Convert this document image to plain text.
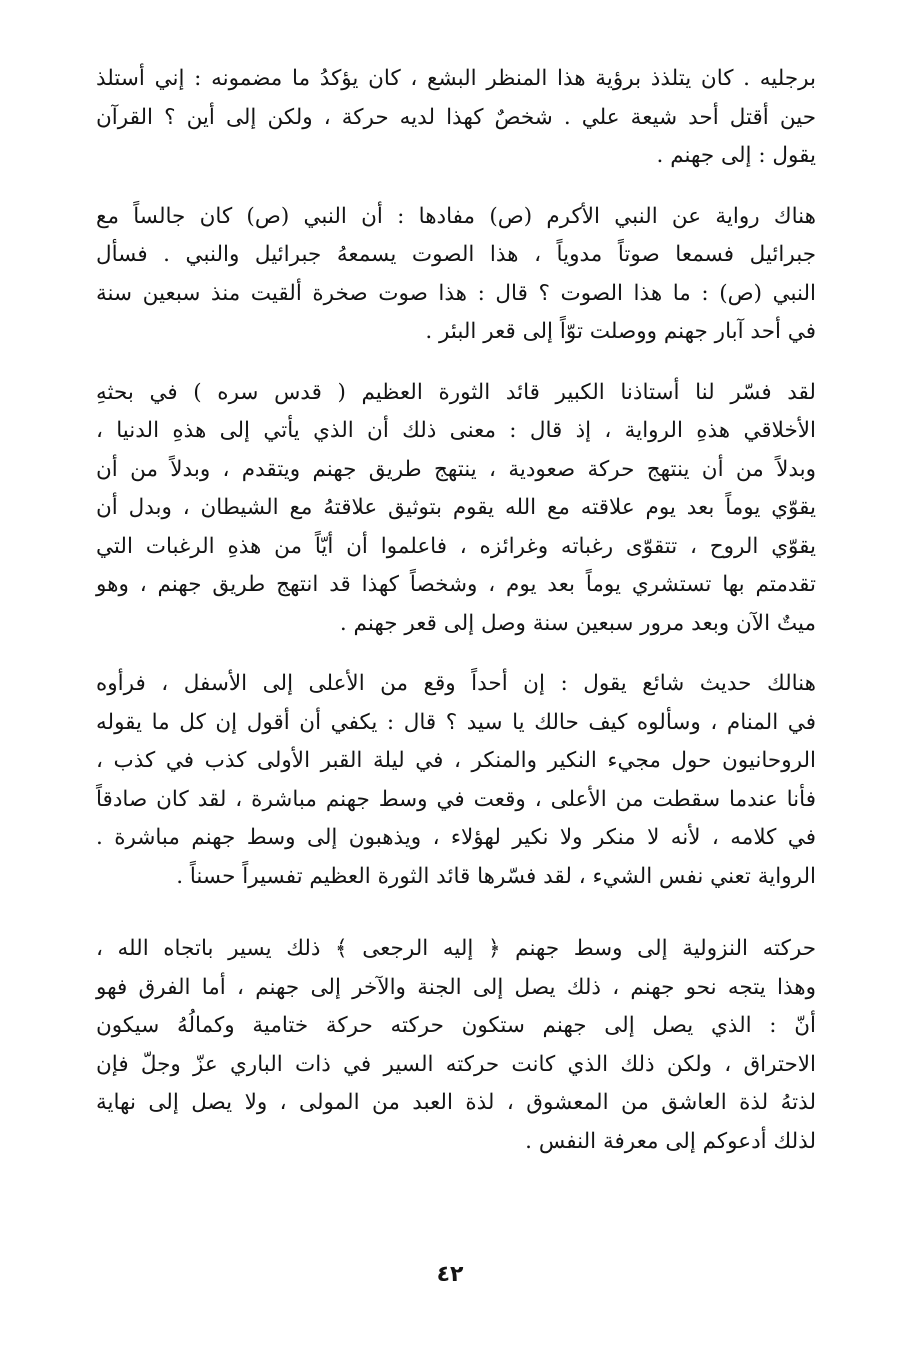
برجليه . كان يتلذذ برؤية هذا المنظر البشع ، كان يؤكدُ ما مضمونه : إني أستلذ
حين أقتل أحد شيعة علي . شخصٌ كهذا لديه حركة ، ولكن إلى أين ؟ القرآن
يقول : إلى جهنم .
هناك رواية عن النبي الأكرم (ص) مفادها : أن النبي (ص) كان جالساً مع
جبرائيل فسمعا صوتاً مدوياً ، هذا الصوت يسمعهُ جبرائيل والنبي . فسأل
النبي (ص) : ما هذا الصوت ؟ قال : هذا صوت صخرة ألقيت منذ سبعين سنة
في أحد آبار جهنم ووصلت توّاً إلى قعر البئر .
لقد فسّر لنا أستاذنا الكبير قائد الثورة العظيم ( قدس سره ) في بحثهِ
الأخلاقي هذهِ الرواية ، إذ قال : معنى ذلك أن الذي يأتي إلى هذهِ الدنيا ،
وبدلاً من أن ينتهج حركة صعودية ، ينتهج طريق جهنم ويتقدم ، وبدلاً من أن
يقوّي يوماً بعد يوم علاقته مع الله يقوم بتوثيق علاقتهُ مع الشيطان ، وبدل أن
يقوّي الروح ، تتقوّى رغباته وغرائزه ، فاعلموا أن أيّاً من هذهِ الرغبات التي
تقدمتم بها تستشري يوماً بعد يوم ، وشخصاً كهذا قد انتهج طريق جهنم ، وهو
ميتٌ الآن وبعد مرور سبعين سنة وصل إلى قعر جهنم .
هنالك حديث شائع يقول : إن أحداً وقع من الأعلى إلى الأسفل ، فرأوه
في المنام ، وسألوه كيف حالك يا سيد ؟ قال : يكفي أن أقول إن كل ما يقوله
الروحانيون حول مجيء النكير والمنكر ، في ليلة القبر الأولى كذب في كذب ،
فأنا عندما سقطت من الأعلى ، وقعت في وسط جهنم مباشرة ، لقد كان صادقاً
في كلامه ، لأنه لا منكر ولا نكير لهؤلاء ، ويذهبون إلى وسط جهنم مباشرة .
الرواية تعني نفس الشيء ، لقد فسّرها قائد الثورة العظيم تفسيراً حسناً .
حركته النزولية إلى وسط جهنم ﴿ إليه الرجعى ﴾ ذلك يسير باتجاه الله ،
وهذا يتجه نحو جهنم ، ذلك يصل إلى الجنة والآخر إلى جهنم ، أما الفرق فهو
أنّ : الذي يصل إلى جهنم ستكون حركته حركة ختامية وكمالُهُ سيكون
الاحتراق ، ولكن ذلك الذي كانت حركته السير في ذات الباري عزّ وجلّ فإن
لذتهُ لذة العاشق من المعشوق ، لذة العبد من المولى ، ولا يصل إلى نهاية
لذلك أدعوكم إلى معرفة النفس .
٤٢
